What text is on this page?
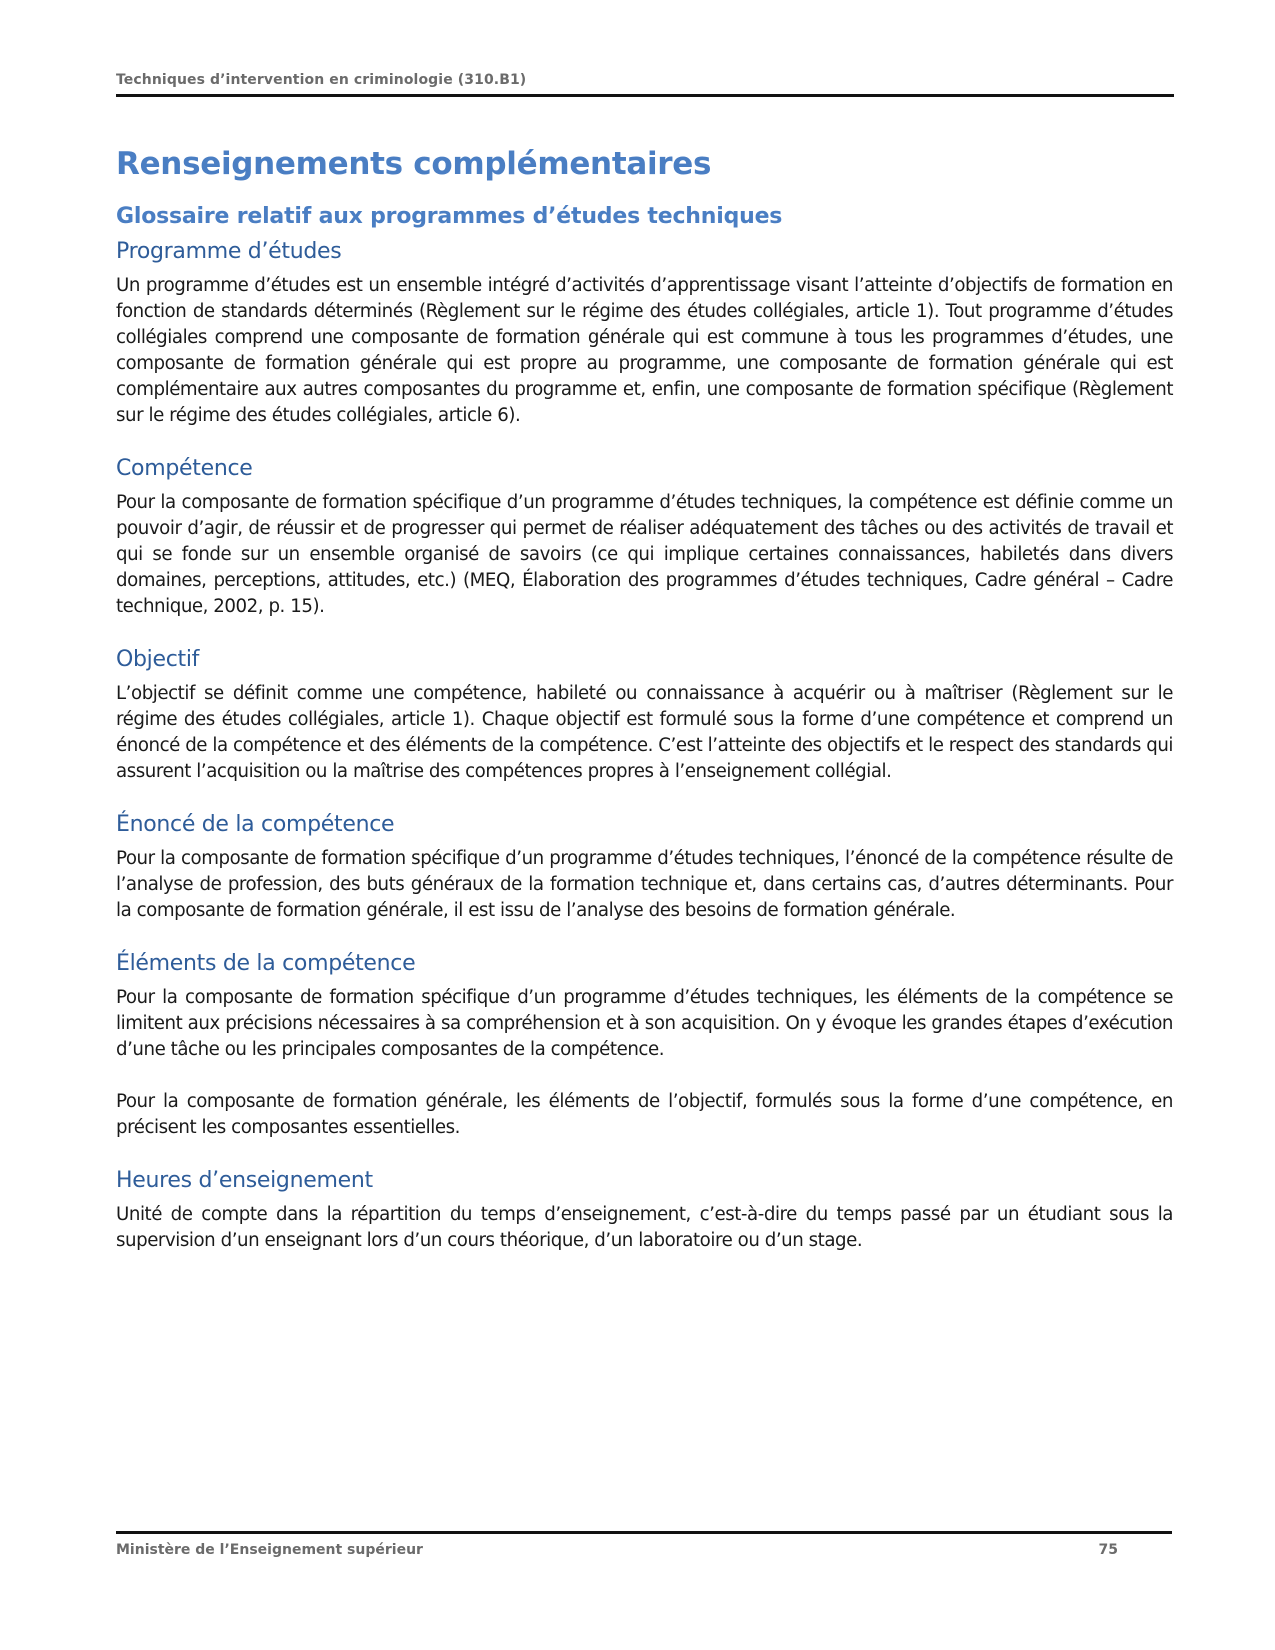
Techniques d’intervention en criminologie (310.B1)
Renseignements complémentaires
Glossaire relatif aux programmes d’études techniques
Programme d’études

Un programme d’études est un ensemble intégré d’activités d’apprentissage visant l’atteinte d’objectifs de formation en fonction de standards déterminés (Règlement sur le régime des études collégiales, article 1). Tout programme d’études collégiales comprend une composante de formation générale qui est commune à tous les programmes d’études, une composante de formation générale qui est propre au programme, une composante de formation générale qui est complémentaire aux autres composantes du programme et, enfin, une composante de formation spécifique (Règlement sur le régime des études collégiales, article 6).

Compétence

Pour la composante de formation spécifique d’un programme d’études techniques, la compétence est définie comme un pouvoir d’agir, de réussir et de progresser qui permet de réaliser adéquatement des tâches ou des activités de travail et qui se fonde sur un ensemble organisé de savoirs (ce qui implique certaines connaissances, habiletés dans divers domaines, perceptions, attitudes, etc.) (MEQ, Élaboration des programmes d’études techniques, Cadre général – Cadre technique, 2002, p. 15).

Objectif

L’objectif se définit comme une compétence, habileté ou connaissance à acquérir ou à maîtriser (Règlement sur le régime des études collégiales, article 1). Chaque objectif est formulé sous la forme d’une compétence et comprend un énoncé de la compétence et des éléments de la compétence. C’est l’atteinte des objectifs et le respect des standards qui assurent l’acquisition ou la maîtrise des compétences propres à l’enseignement collégial.

Énoncé de la compétence

Pour la composante de formation spécifique d’un programme d’études techniques, l’énoncé de la compétence résulte de l’analyse de profession, des buts généraux de la formation technique et, dans certains cas, d’autres déterminants. Pour la composante de formation générale, il est issu de l’analyse des besoins de formation générale.

Éléments de la compétence

Pour la composante de formation spécifique d’un programme d’études techniques, les éléments de la compétence se limitent aux précisions nécessaires à sa compréhension et à son acquisition. On y évoque les grandes étapes d’exécution d’une tâche ou les principales composantes de la compétence.

Pour la composante de formation générale, les éléments de l’objectif, formulés sous la forme d’une compétence, en précisent les composantes essentielles.

Heures d’enseignement

Unité de compte dans la répartition du temps d’enseignement, c’est-à-dire du temps passé par un étudiant sous la supervision d’un enseignant lors d’un cours théorique, d’un laboratoire ou d’un stage.

Ministère de l’Enseignement supérieur	75
